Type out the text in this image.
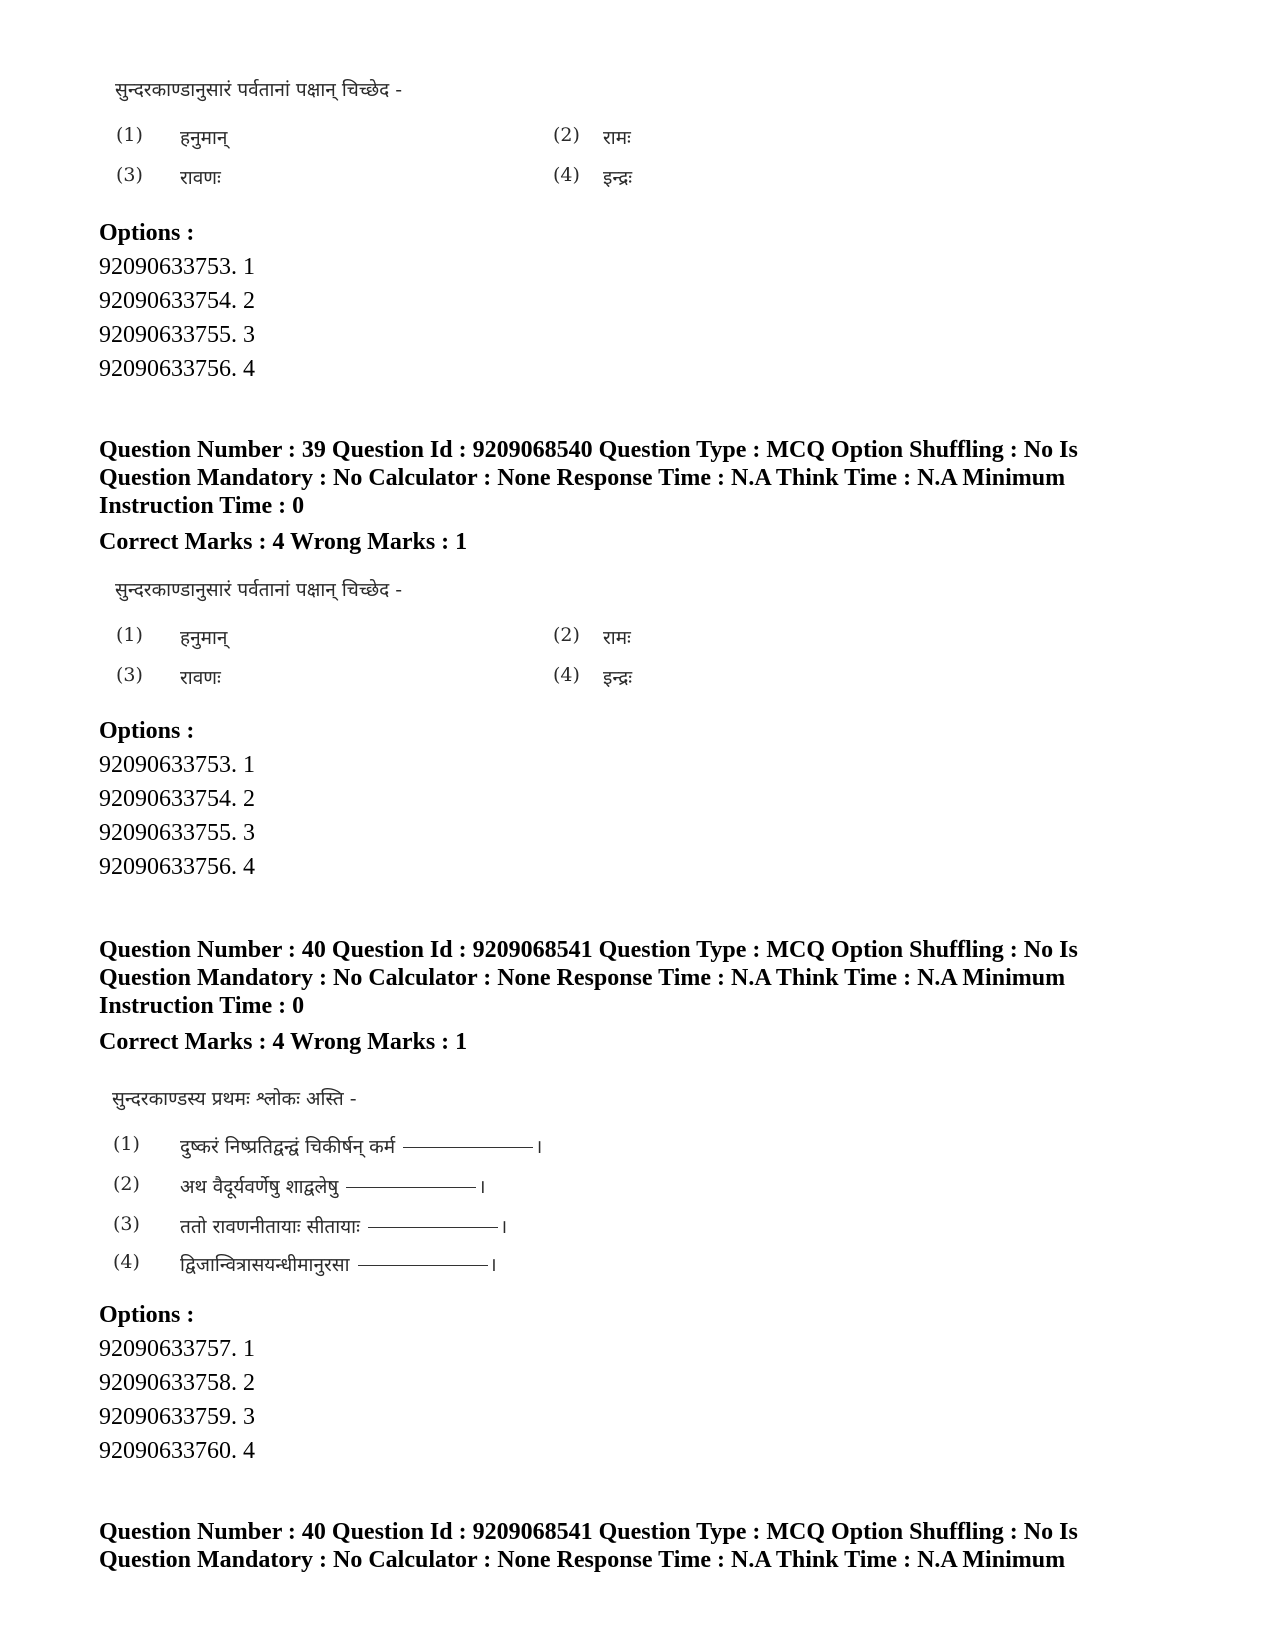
सुन्दरकाण्डानुसारं पर्वतानां पक्षान् चिच्छेद -
(1) हनुमान्	(2) रामः
(3) रावणः	(4) इन्द्रः
Options :
92090633753. 1
92090633754. 2
92090633755. 3
92090633756. 4
Question Number : 39 Question Id : 9209068540 Question Type : MCQ Option Shuffling : No Is
Question Mandatory : No Calculator : None Response Time : N.A Think Time : N.A Minimum
Instruction Time : 0
Correct Marks : 4 Wrong Marks : 1
सुन्दरकाण्डानुसारं पर्वतानां पक्षान् चिच्छेद -
(1) हनुमान्	(2) रामः
(3) रावणः	(4) इन्द्रः
Options :
92090633753. 1
92090633754. 2
92090633755. 3
92090633756. 4
Question Number : 40 Question Id : 9209068541 Question Type : MCQ Option Shuffling : No Is
Question Mandatory : No Calculator : None Response Time : N.A Think Time : N.A Minimum
Instruction Time : 0
Correct Marks : 4 Wrong Marks : 1
सुन्दरकाण्डस्य प्रथमः श्लोकः अस्ति -
(1) दुष्करं निष्प्रतिद्वन्द्वं चिकीर्षन् कर्म	।
(2) अथ वैदूर्यवर्णेषु शाद्वलेषु	।
(3) ततो रावणनीतायाः सीतायाः	।
(4) द्विजान्वित्रासयन्धीमानुरसा	।
Options :
92090633757. 1
92090633758. 2
92090633759. 3
92090633760. 4
Question Number : 40 Question Id : 9209068541 Question Type : MCQ Option Shuffling : No Is
Question Mandatory : No Calculator : None Response Time : N.A Think Time : N.A Minimum
